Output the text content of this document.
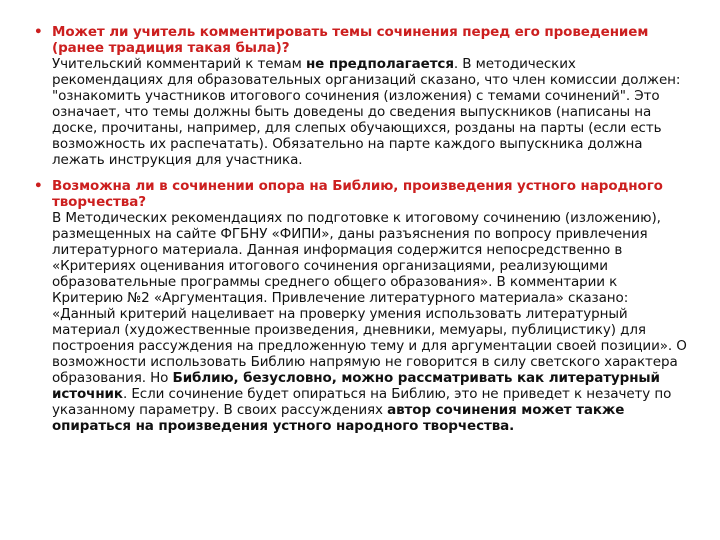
• Может ли учитель комментировать темы сочинения перед его проведением (ранее традиция такая была)?
Учительский комментарий к темам не предполагается. В методических рекомендациях для образовательных организаций сказано, что член комиссии должен: "ознакомить участников итогового сочинения (изложения) с темами сочинений". Это означает, что темы должны быть доведены до сведения выпускников (написаны на доске, прочитаны, например, для слепых обучающихся, розданы на парты (если есть возможность их распечатать). Обязательно на парте каждого выпускника должна лежать инструкция для участника.
• Возможна ли в сочинении опора на Библию, произведения устного народного творчества?
В Методических рекомендациях по подготовке к итоговому сочинению (изложению), размещенных на сайте ФГБНУ «ФИПИ», даны разъяснения по вопросу привлечения литературного материала. Данная информация содержится непосредственно в «Критериях оценивания итогового сочинения организациями, реализующими образовательные программы среднего общего образования». В комментарии к Критерию №2 «Аргументация. Привлечение литературного материала» сказано: «Данный критерий нацеливает на проверку умения использовать литературный материал (художественные произведения, дневники, мемуары, публицистику) для построения рассуждения на предложенную тему и для аргументации своей позиции». О возможности использовать Библию напрямую не говорится в силу светского характера образования. Но Библию, безусловно, можно рассматривать как литературный источник. Если сочинение будет опираться на Библию, это не приведет к незачету по указанному параметру. В своих рассуждениях автор сочинения может также опираться на произведения устного народного творчества.
